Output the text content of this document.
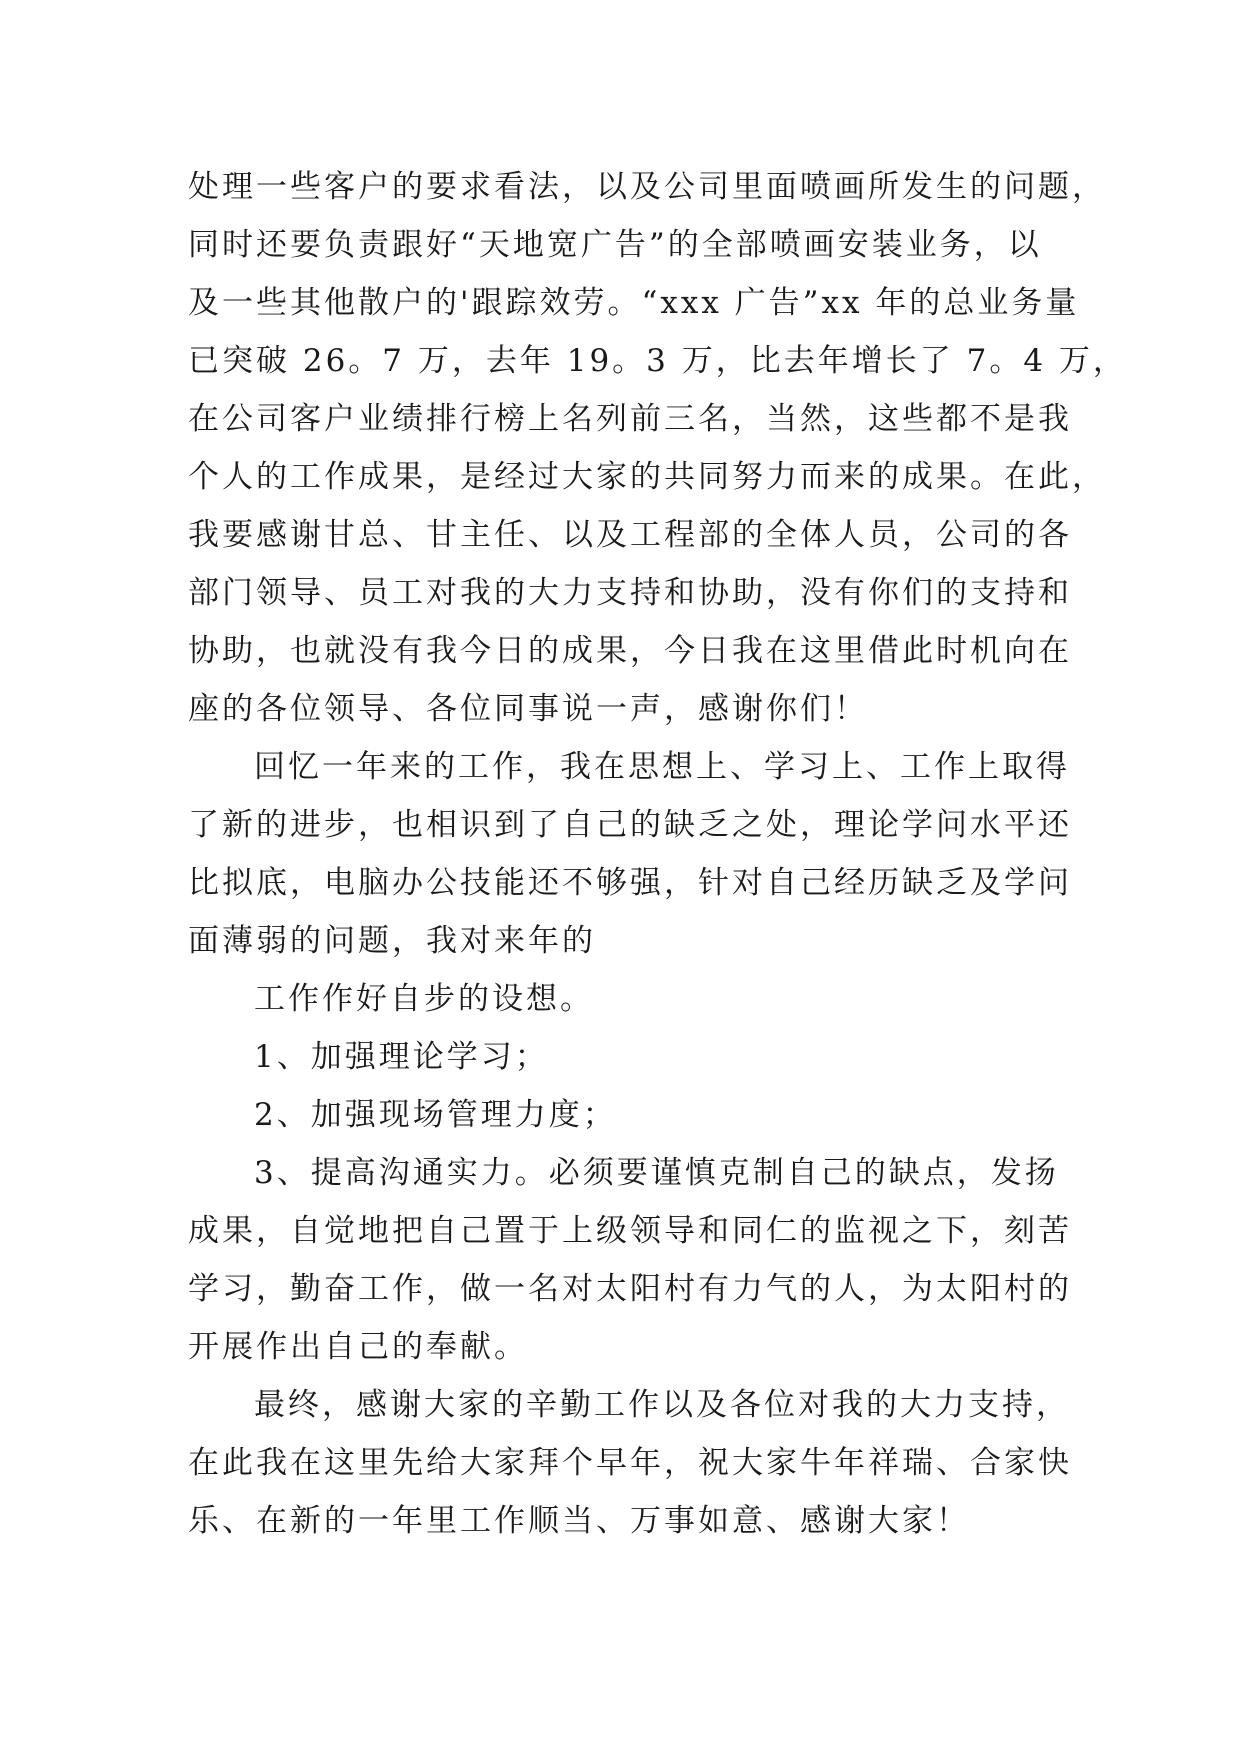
处理一些客户的要求看法，以及公司里面喷画所发生的问题，
同时还要负责跟好“天地宽广告”的全部喷画安装业务，以
及一些其他散户的'跟踪效劳。“xxx 广告”xx 年的总业务量
已突破 26。7 万，去年 19。3 万，比去年增长了 7。4 万，
在公司客户业绩排行榜上名列前三名，当然，这些都不是我
个人的工作成果，是经过大家的共同努力而来的成果。在此，
我要感谢甘总、甘主任、以及工程部的全体人员，公司的各
部门领导、员工对我的大力支持和协助，没有你们的支持和
协助，也就没有我今日的成果，今日我在这里借此时机向在
座的各位领导、各位同事说一声，感谢你们！
回忆一年来的工作，我在思想上、学习上、工作上取得
了新的进步，也相识到了自己的缺乏之处，理论学问水平还
比拟底，电脑办公技能还不够强，针对自己经历缺乏及学问
面薄弱的问题，我对来年的
工作作好自步的设想。
1、加强理论学习；
2、加强现场管理力度；
3、提高沟通实力。必须要谨慎克制自己的缺点，发扬
成果，自觉地把自己置于上级领导和同仁的监视之下，刻苦
学习，勤奋工作，做一名对太阳村有力气的人，为太阳村的
开展作出自己的奉献。
最终，感谢大家的辛勤工作以及各位对我的大力支持，
在此我在这里先给大家拜个早年，祝大家牛年祥瑞、合家快
乐、在新的一年里工作顺当、万事如意、感谢大家！
